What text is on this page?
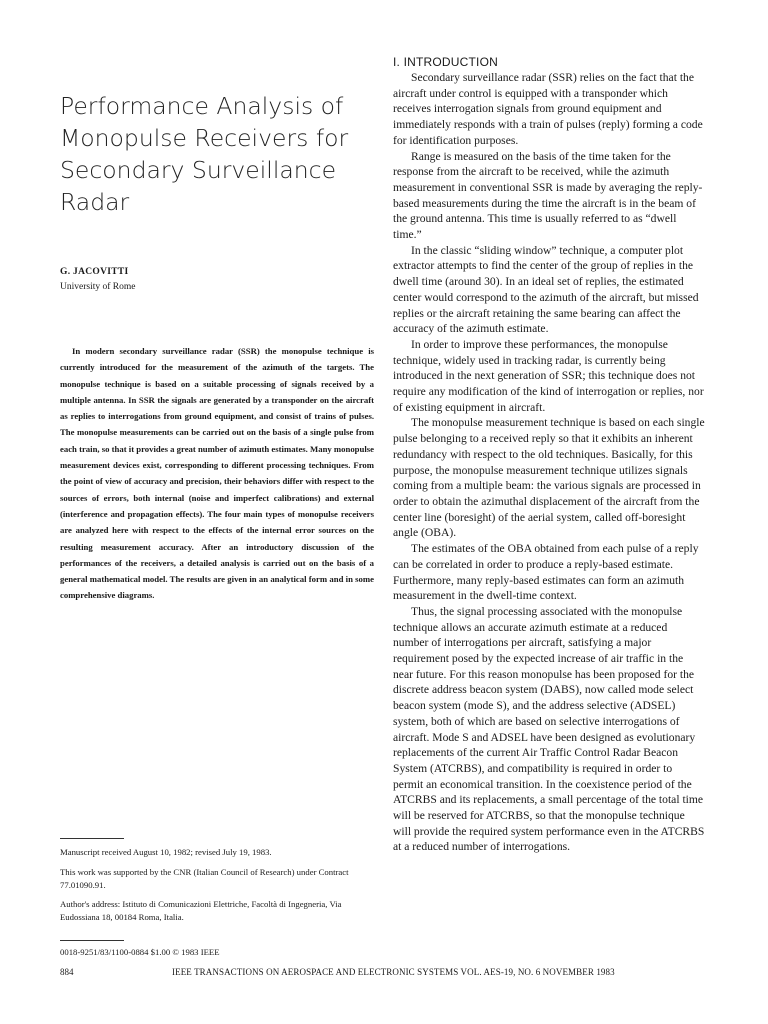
Performance Analysis of
Monopulse Receivers for
Secondary Surveillance
Radar
G. JACOVITTI
University of Rome

In modern secondary surveillance radar (SSR) the monopulse technique is currently introduced for the measurement of the azimuth of the targets. The monopulse technique is based on a suitable processing of signals received by a multiple antenna. In SSR the signals are generated by a transponder on the aircraft as replies to interrogations from ground equipment, and consist of trains of pulses. The monopulse measurements can be carried out on the basis of a single pulse from each train, so that it provides a great number of azimuth estimates. Many monopulse measurement devices exist, corresponding to different processing techniques. From the point of view of accuracy and precision, their behaviors differ with respect to the sources of errors, both internal (noise and imperfect calibrations) and external (interference and propagation effects). The four main types of monopulse receivers are analyzed here with respect to the effects of the internal error sources on the resulting measurement accuracy. After an introductory discussion of the performances of the receivers, a detailed analysis is carried out on the basis of a general mathematical model. The results are given in an analytical form and in some comprehensive diagrams.

Manuscript received August 10, 1982; revised July 19, 1983.

This work was supported by the CNR (Italian Council of Research) under Contract 77.01090.91.

Author's address: Istituto di Comunicazioni Elettriche, Facoltà di Ingegneria, Via Eudossiana 18, 00184 Roma, Italia.

0018-9251/83/1100-0884 $1.00 © 1983 IEEE

I. INTRODUCTION

Secondary surveillance radar (SSR) relies on the fact that the aircraft under control is equipped with a transponder which receives interrogation signals from ground equipment and immediately responds with a train of pulses (reply) forming a code for identification purposes.

Range is measured on the basis of the time taken for the response from the aircraft to be received, while the azimuth measurement in conventional SSR is made by averaging the reply-based measurements during the time the aircraft is in the beam of the ground antenna. This time is usually referred to as “dwell time.”

In the classic “sliding window” technique, a computer plot extractor attempts to find the center of the group of replies in the dwell time (around 30). In an ideal set of replies, the estimated center would correspond to the azimuth of the aircraft, but missed replies or the aircraft retaining the same bearing can affect the accuracy of the azimuth estimate.

In order to improve these performances, the monopulse technique, widely used in tracking radar, is currently being introduced in the next generation of SSR; this technique does not require any modification of the kind of interrogation or replies, nor of existing equipment in aircraft.

The monopulse measurement technique is based on each single pulse belonging to a received reply so that it exhibits an inherent redundancy with respect to the old techniques. Basically, for this purpose, the monopulse measurement technique utilizes signals coming from a multiple beam: the various signals are processed in order to obtain the azimuthal displacement of the aircraft from the center line (boresight) of the aerial system, called off-boresight angle (OBA).

The estimates of the OBA obtained from each pulse of a reply can be correlated in order to produce a reply-based estimate. Furthermore, many reply-based estimates can form an azimuth measurement in the dwell-time context.

Thus, the signal processing associated with the monopulse technique allows an accurate azimuth estimate at a reduced number of interrogations per aircraft, satisfying a major requirement posed by the expected increase of air traffic in the near future. For this reason monopulse has been proposed for the discrete address beacon system (DABS), now called mode select beacon system (mode S), and the address selective (ADSEL) system, both of which are based on selective interrogations of aircraft. Mode S and ADSEL have been designed as evolutionary replacements of the current Air Traffic Control Radar Beacon System (ATCRBS), and compatibility is required in order to permit an economical transition. In the coexistence period of the ATCRBS and its replacements, a small percentage of the total time will be reserved for ATCRBS, so that the monopulse technique will provide the required system performance even in the ATCRBS at a reduced number of interrogations.

884	IEEE TRANSACTIONS ON AEROSPACE AND ELECTRONIC SYSTEMS VOL. AES-19, NO. 6 NOVEMBER 1983
